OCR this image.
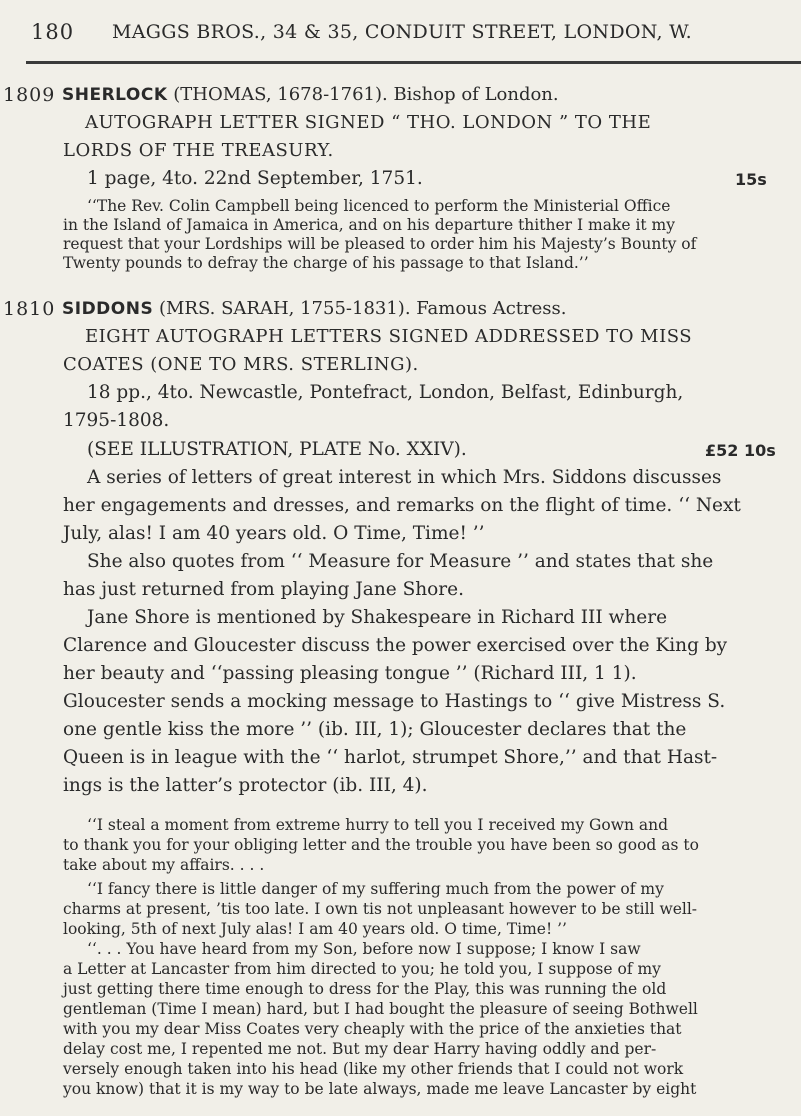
180 MAGGS BROS., 34 & 35, CONDUIT STREET, LONDON, W.
1809 SHERLOCK (THOMAS, 1678-1761). Bishop of London.
AUTOGRAPH LETTER SIGNED “ THO. LONDON ” TO THE
LORDS OF THE TREASURY.
1 page, 4to. 22nd September, 1751.	15s
‘‘The Rev. Colin Campbell being licenced to perform the Ministerial Office
in the Island of Jamaica in America, and on his departure thither I make it my
request that your Lordships will be pleased to order him his Majesty’s Bounty of
Twenty pounds to defray the charge of his passage to that Island.’’
1810 SIDDONS (MRS. SARAH, 1755-1831). Famous Actress.
EIGHT AUTOGRAPH LETTERS SIGNED ADDRESSED TO MISS
COATES (ONE TO MRS. STERLING).
18 pp., 4to. Newcastle, Pontefract, London, Belfast, Edinburgh,
1795-1808.
(SEE ILLUSTRATION, PLATE No. XXIV).	£52 10s
A series of letters of great interest in which Mrs. Siddons discusses
her engagements and dresses, and remarks on the flight of time. ‘‘ Next
July, alas! I am 40 years old. O Time, Time! ’’
She also quotes from ‘‘ Measure for Measure ’’ and states that she
has just returned from playing Jane Shore.
Jane Shore is mentioned by Shakespeare in Richard III where
Clarence and Gloucester discuss the power exercised over the King by
her beauty and ‘‘passing pleasing tongue ’’ (Richard III, 1 1).
Gloucester sends a mocking message to Hastings to ‘‘ give Mistress S.
one gentle kiss the more ’’ (ib. III, 1); Gloucester declares that the
Queen is in league with the ‘‘ harlot, strumpet Shore,’’ and that Hast-
ings is the latter’s protector (ib. III, 4).
‘‘I steal a moment from extreme hurry to tell you I received my Gown and
to thank you for your obliging letter and the trouble you have been so good as to
take about my affairs. . . .
‘‘I fancy there is little danger of my suffering much from the power of my
charms at present, ’tis too late. I own tis not unpleasant however to be still well-
looking, 5th of next July alas! I am 40 years old. O time, Time! ’’
‘‘. . . You have heard from my Son, before now I suppose; I know I saw
a Letter at Lancaster from him directed to you; he told you, I suppose of my
just getting there time enough to dress for the Play, this was running the old
gentleman (Time I mean) hard, but I had bought the pleasure of seeing Bothwell
with you my dear Miss Coates very cheaply with the price of the anxieties that
delay cost me, I repented me not. But my dear Harry having oddly and per-
versely enough taken into his head (like my other friends that I could not work
you know) that it is my way to be late always, made me leave Lancaster by eight
